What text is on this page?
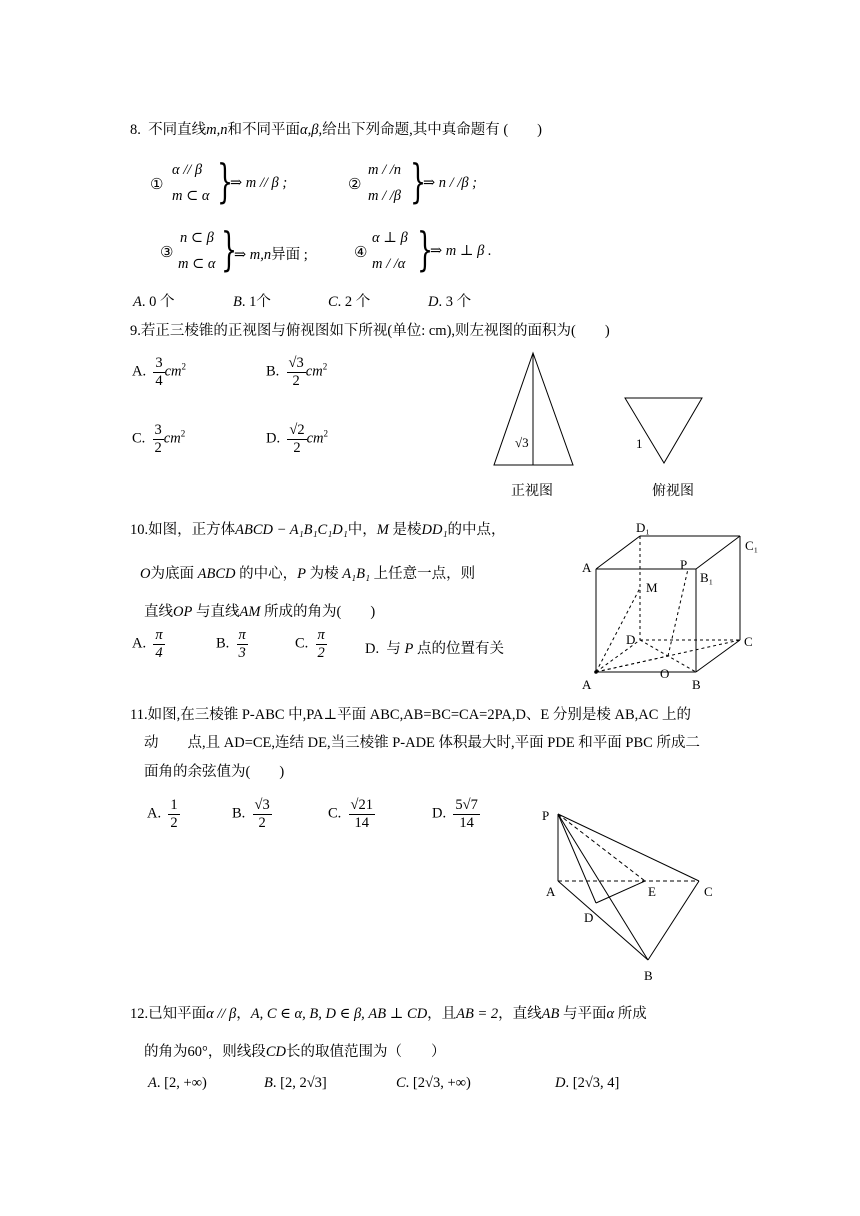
8. 不同直线m,n和不同平面α,β,给出下列命题,其中真命题有 (　　)
①
α // β
m ⊂ α }
⇒ m // β ;	②
m / /n
m / /β }
⇒ n / /β ;
③
n ⊂ β
m ⊂ α }
⇒ m,n异面 ;	④
α ⊥ β
m / /α }
⇒ m ⊥ β .
A. 0 个	B. 1个	C. 2 个	D. 3 个
9.若正三棱锥的正视图与俯视图如下所视(单位: cm),则左视图的面积为(　　)
A. $\frac{3}{4} cm^2$	B. $\frac{√3}{2} cm^2$
C. $\frac{3}{2} cm^2$	D. $\frac{√2}{2} cm^2$
√3	1
正视图	俯视图
10.如图，正方体ABCD − A₁B₁C₁D₁中，M 是棱DD₁的中点，
O为底面 ABCD 的中心，P 为棱 A₁B₁ 上任意一点，则
直线OP 与直线AM 所成的角为(　　)
A. $\frac{\pi}{4}$	B. $\frac{\pi}{3}$	C. $\frac{\pi}{2}$	D. 与 P 点的位置有关
D₁
C₁
A	P
B₁
M
D	C
A
O
B
11.如图,在三棱锥 P-ABC 中,PA⊥平面 ABC,AB=BC=CA=2PA,D、E 分别是棱 AB,AC 上的
动　　点,且 AD=CE,连结 DE,当三棱锥 P-ADE 体积最大时,平面 PDE 和平面 PBC 所成二
面角的余弦值为(　　)
A. $\frac{1}{2}$	B. $\frac{√3}{2}$	C. $\frac{√21}{14}$	D. $\frac{5√7}{14}$	P
A	E	C
D
B
12.已知平面α // β，A, C ∈ α, B, D ∈ β, AB ⊥ CD，且AB = 2，直线AB 与平面α 所成
的角为60°，则线段CD长的取值范围为（　　）
A. [2, +∞)	B. [2, 2√3]	C. [2√3, +∞)	D. [2√3, 4]
